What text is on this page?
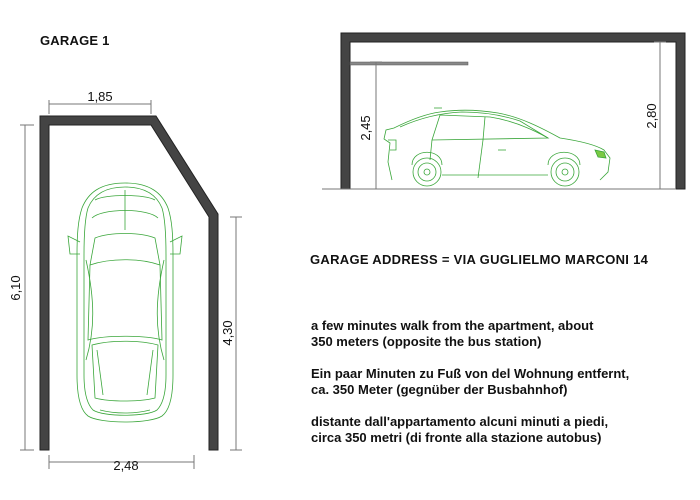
GARAGE 1
1,85
6,10
4,30
2,48
2,45	2,80
GARAGE ADDRESS = VIA GUGLIELMO MARCONI 14
a few minutes walk from the apartment, about
350 meters (opposite the bus station)
Ein paar Minuten zu Fuß von del Wohnung entfernt,
ca. 350 Meter (gegnüber der Busbahnhof)
distante dall'appartamento alcuni minuti a piedi,
circa 350 metri (di fronte alla stazione autobus)
